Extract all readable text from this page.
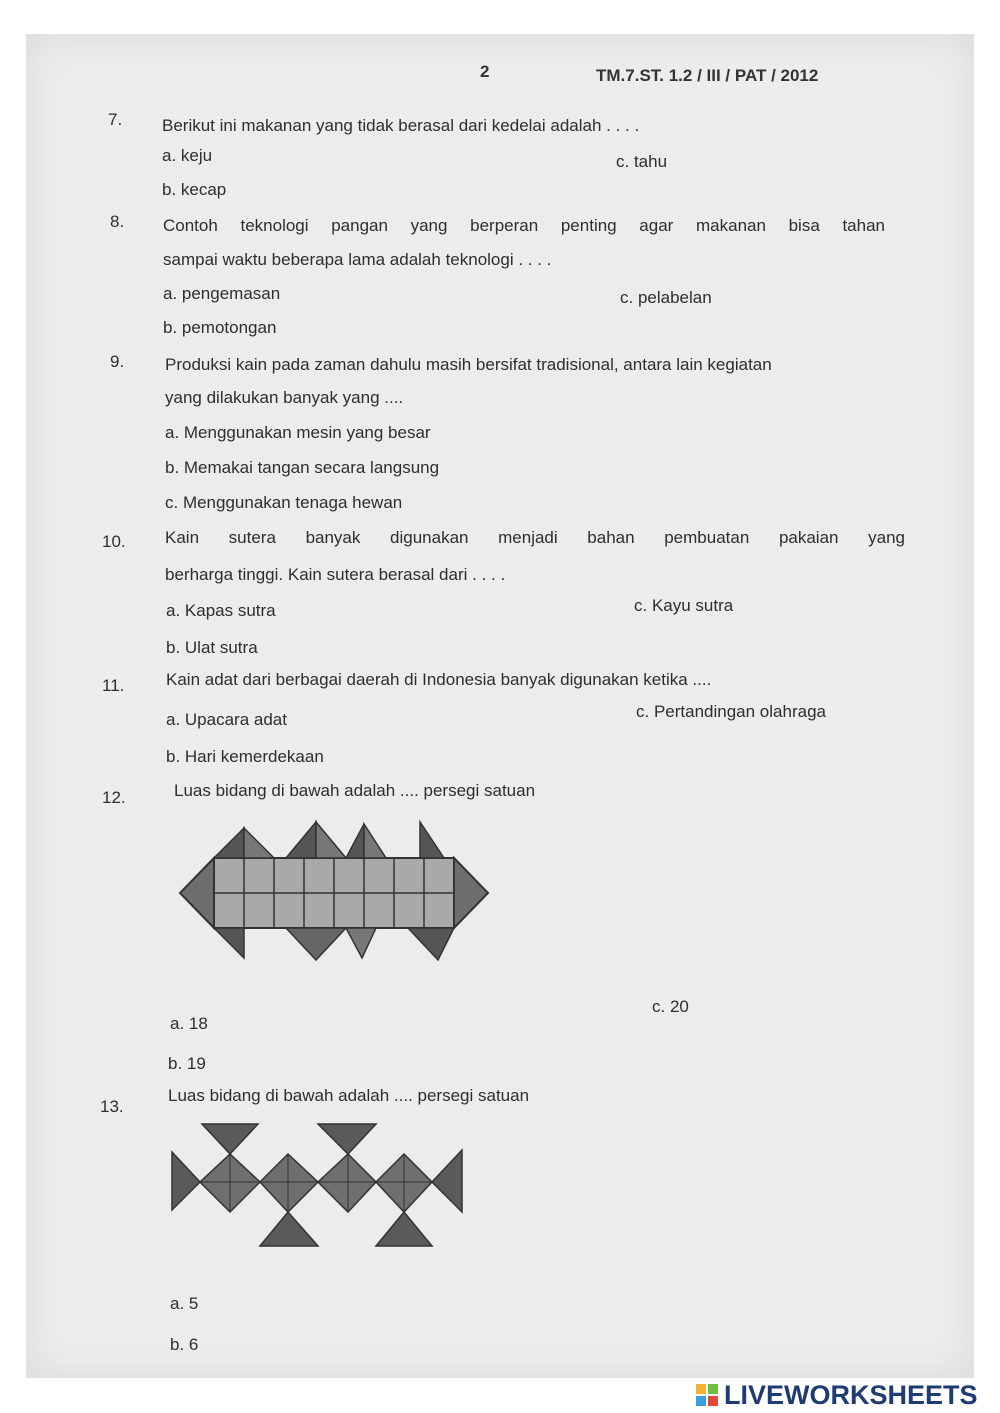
2	TM.7.ST. 1.2 / III / PAT / 2012
7. Berikut ini makanan yang tidak berasal dari kedelai adalah . . . .
a. keju	c. tahu
b. kecap
8. Contoh teknologi pangan yang berperan penting agar makanan bisa tahan
sampai waktu beberapa lama adalah teknologi . . . .
a. pengemasan	c. pelabelan
b. pemotongan
9. Produksi kain pada zaman dahulu masih bersifat tradisional, antara lain kegiatan
yang dilakukan banyak yang ....
a. Menggunakan mesin yang besar
b. Memakai tangan secara langsung
c. Menggunakan tenaga hewan
10. Kain sutera banyak digunakan menjadi bahan pembuatan pakaian yang
berharga tinggi. Kain sutera berasal dari . . . .
a. Kapas sutra	c. Kayu sutra
b. Ulat sutra
11. Kain adat dari berbagai daerah di Indonesia banyak digunakan ketika ....
a. Upacara adat	c. Pertandingan olahraga
b. Hari kemerdekaan
12.	Luas bidang di bawah adalah .... persegi satuan
a. 18
c. 20
b. 19
13.
Luas bidang di bawah adalah .... persegi satuan
a. 5
b. 6
LIVEWORKSHEETS
